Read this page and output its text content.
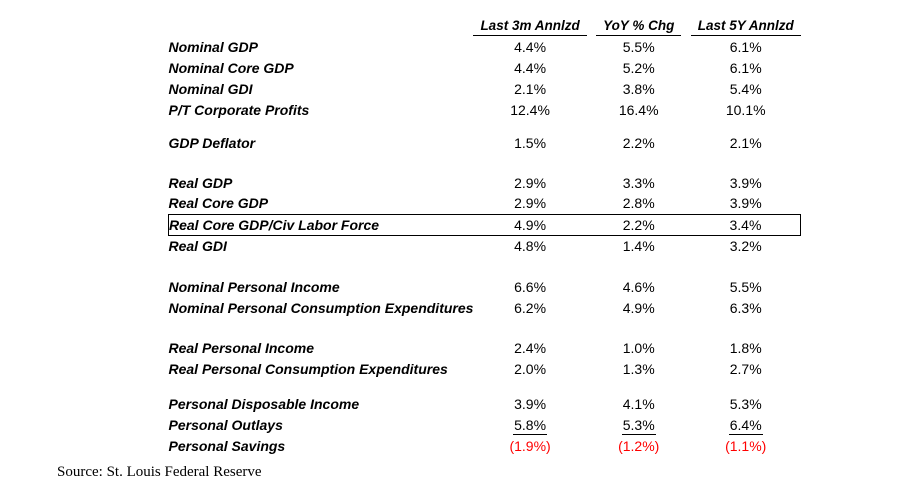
	Last 3m Annlzd	YoY % Chg	Last 5Y Annlzd
Nominal GDP	4.4%	5.5%	6.1%
Nominal Core GDP	4.4%	5.2%	6.1%
Nominal GDI	2.1%	3.8%	5.4%
P/T Corporate Profits	12.4%	16.4%	10.1%

GDP Deflator	1.5%	2.2%	2.1%

Real GDP	2.9%	3.3%	3.9%
Real Core GDP	2.9%	2.8%	3.9%
Real Core GDP/Civ Labor Force	4.9%	2.2%	3.4%
Real GDI	4.8%	1.4%	3.2%

Nominal Personal Income	6.6%	4.6%	5.5%
Nominal Personal Consumption Expenditures	6.2%	4.9%	6.3%

Real Personal Income	2.4%	1.0%	1.8%
Real Personal Consumption Expenditures	2.0%	1.3%	2.7%

Personal Disposable Income	3.9%	4.1%	5.3%
Personal Outlays	5.8%	5.3%	6.4%
Personal Savings	(1.9%)	(1.2%)	(1.1%)
Source: St. Louis Federal Reserve
